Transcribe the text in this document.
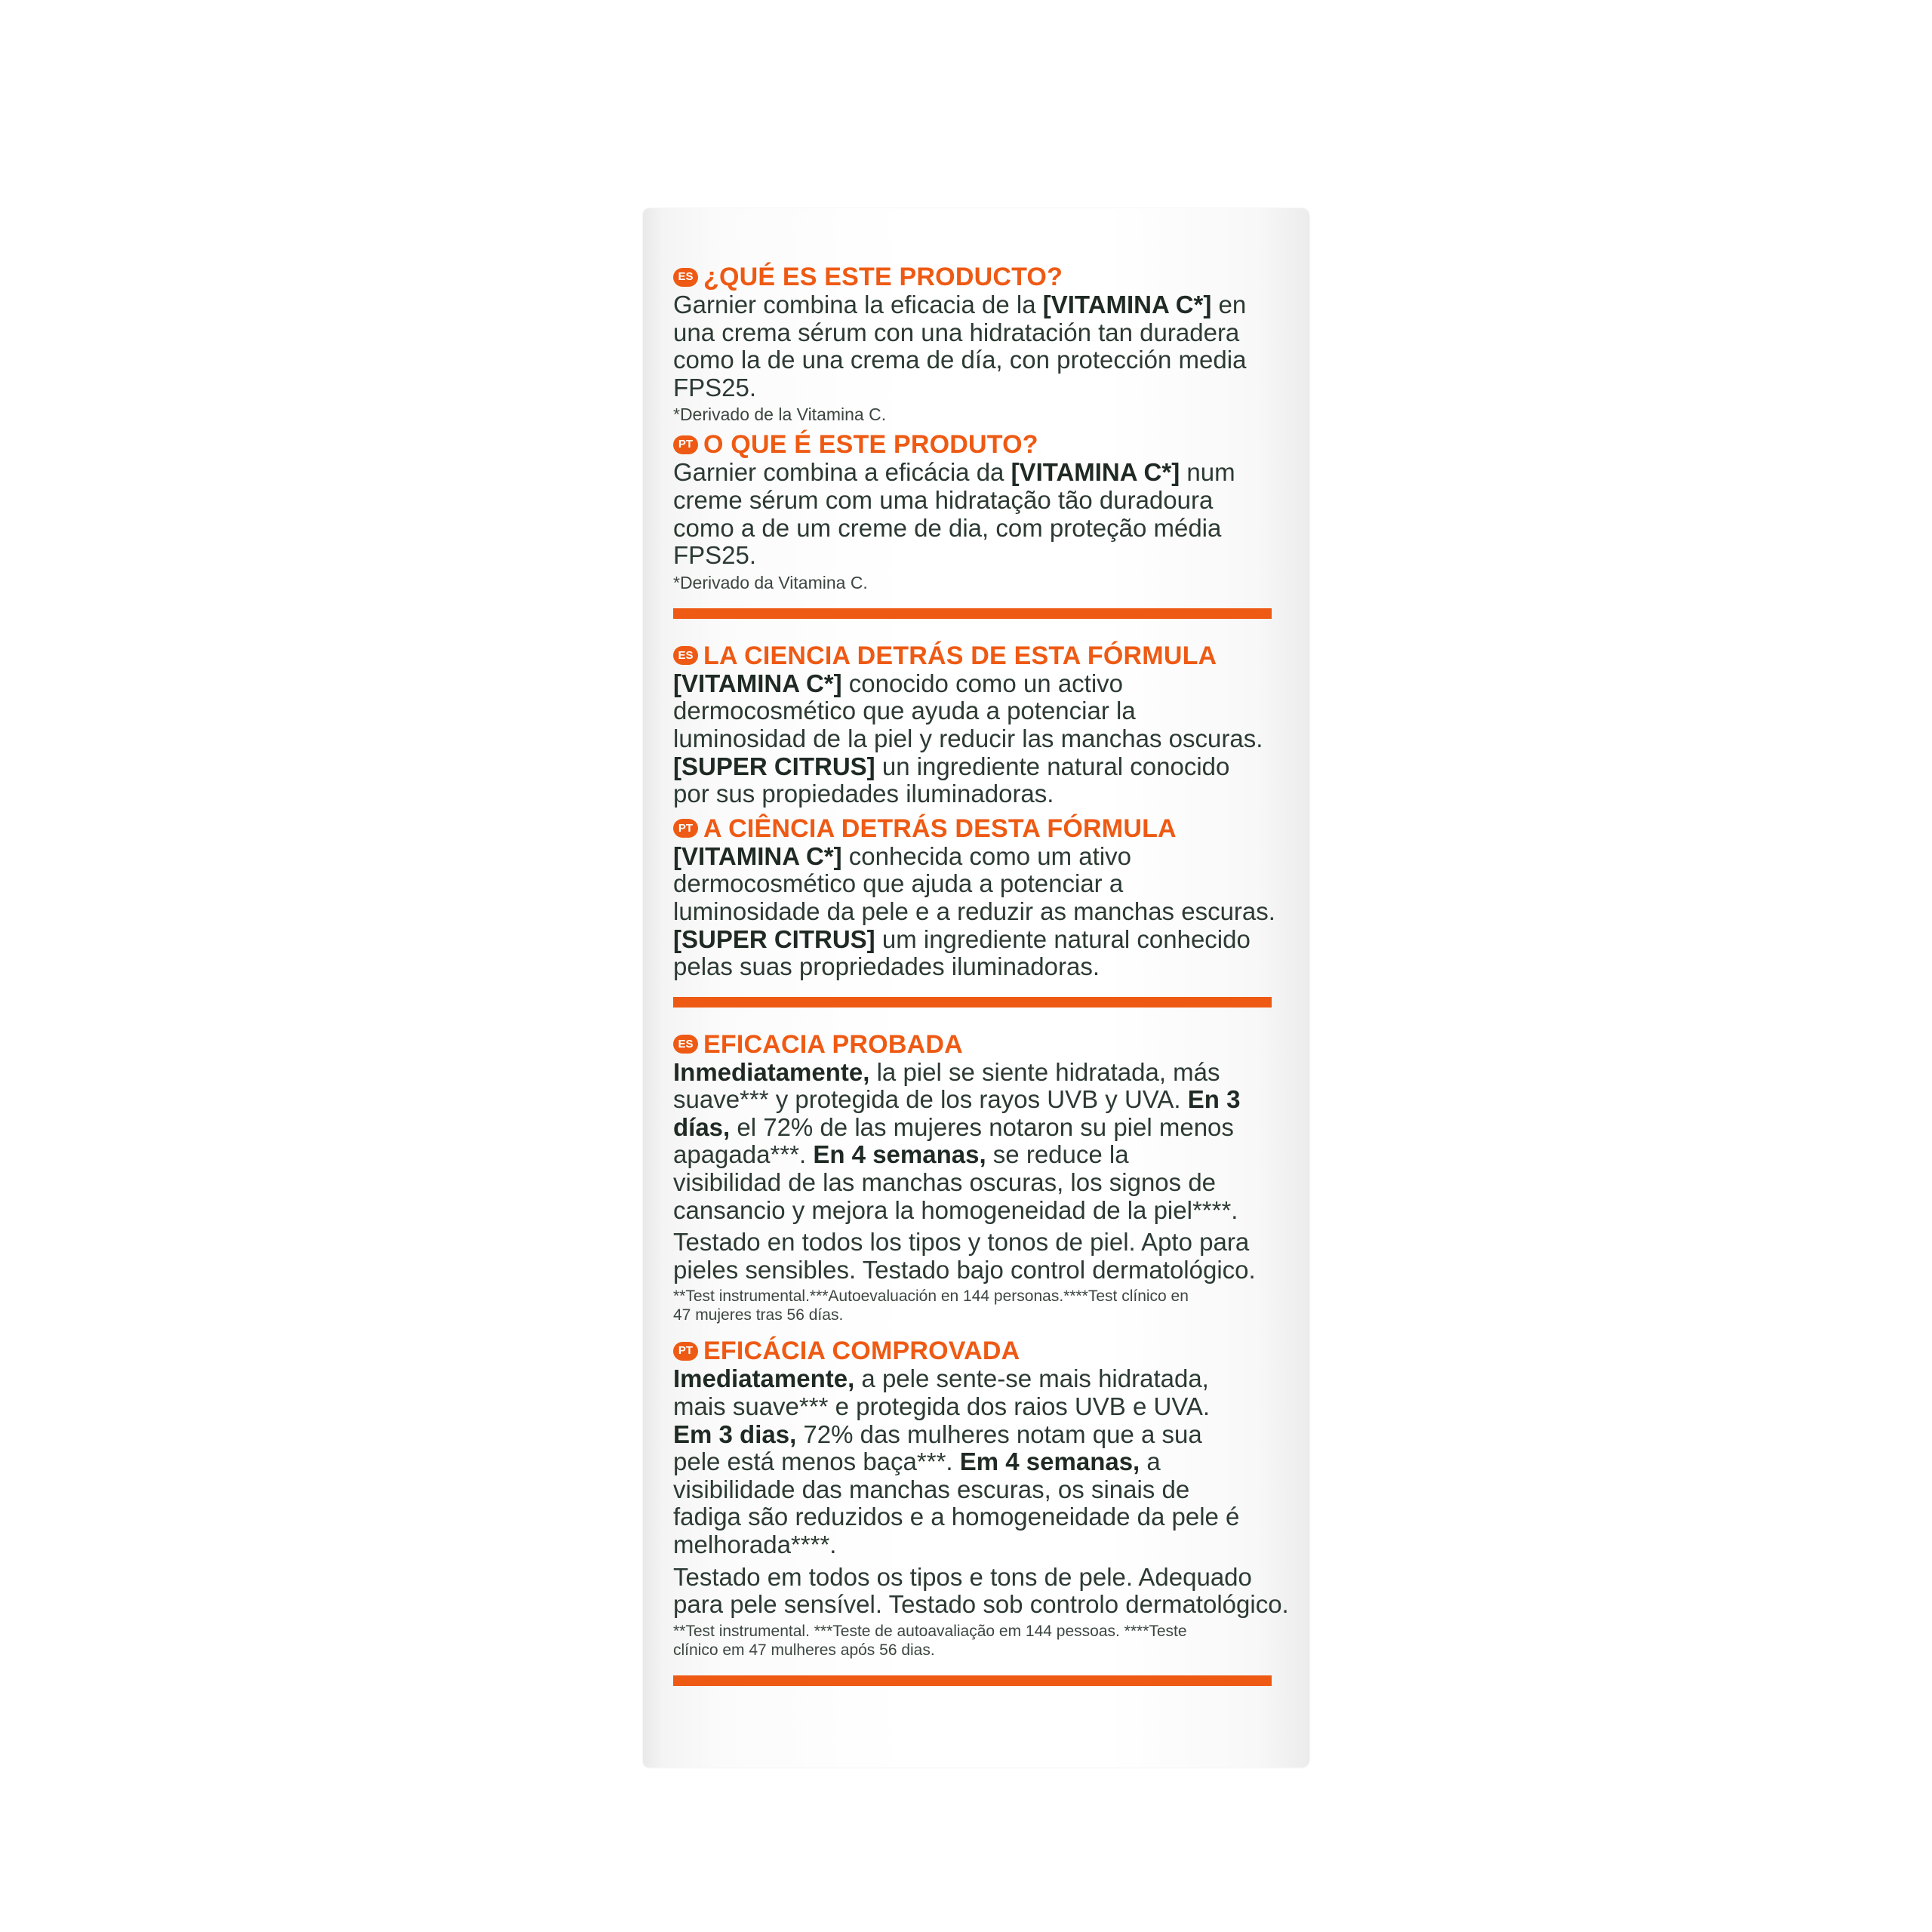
ES ¿QUÉ ES ESTE PRODUCTO?
Garnier combina la eficacia de la [VITAMINA C*] en
una crema sérum con una hidratación tan duradera
como la de una crema de día, con protección media
FPS25.
*Derivado de la Vitamina C.
PT O QUE É ESTE PRODUTO?
Garnier combina a eficácia da [VITAMINA C*] num
creme sérum com uma hidratação tão duradoura
como a de um creme de dia, com proteção média
FPS25.
*Derivado da Vitamina C.
ES LA CIENCIA DETRÁS DE ESTA FÓRMULA
[VITAMINA C*] conocido como un activo
dermocosmético que ayuda a potenciar la
luminosidad de la piel y reducir las manchas oscuras.
[SUPER CITRUS] un ingrediente natural conocido
por sus propiedades iluminadoras.
PT A CIÊNCIA DETRÁS DESTA FÓRMULA
[VITAMINA C*] conhecida como um ativo
dermocosmético que ajuda a potenciar a
luminosidade da pele e a reduzir as manchas escuras.
[SUPER CITRUS] um ingrediente natural conhecido
pelas suas propriedades iluminadoras.
ES EFICACIA PROBADA
Inmediatamente, la piel se siente hidratada, más
suave*** y protegida de los rayos UVB y UVA. En 3
días, el 72% de las mujeres notaron su piel menos
apagada***. En 4 semanas, se reduce la
visibilidad de las manchas oscuras, los signos de
cansancio y mejora la homogeneidad de la piel****.
Testado en todos los tipos y tonos de piel. Apto para
pieles sensibles. Testado bajo control dermatológico.
**Test instrumental.***Autoevaluación en 144 personas.****Test clínico en
47 mujeres tras 56 días.
PT EFICÁCIA COMPROVADA
Imediatamente, a pele sente-se mais hidratada,
mais suave*** e protegida dos raios UVB e UVA.
Em 3 dias, 72% das mulheres notam que a sua
pele está menos baça***. Em 4 semanas, a
visibilidade das manchas escuras, os sinais de
fadiga são reduzidos e a homogeneidade da pele é
melhorada****.
Testado em todos os tipos e tons de pele. Adequado
para pele sensível. Testado sob controlo dermatológico.
**Test instrumental. ***Teste de autoavaliação em 144 pessoas. ****Teste
clínico em 47 mulheres após 56 dias.
